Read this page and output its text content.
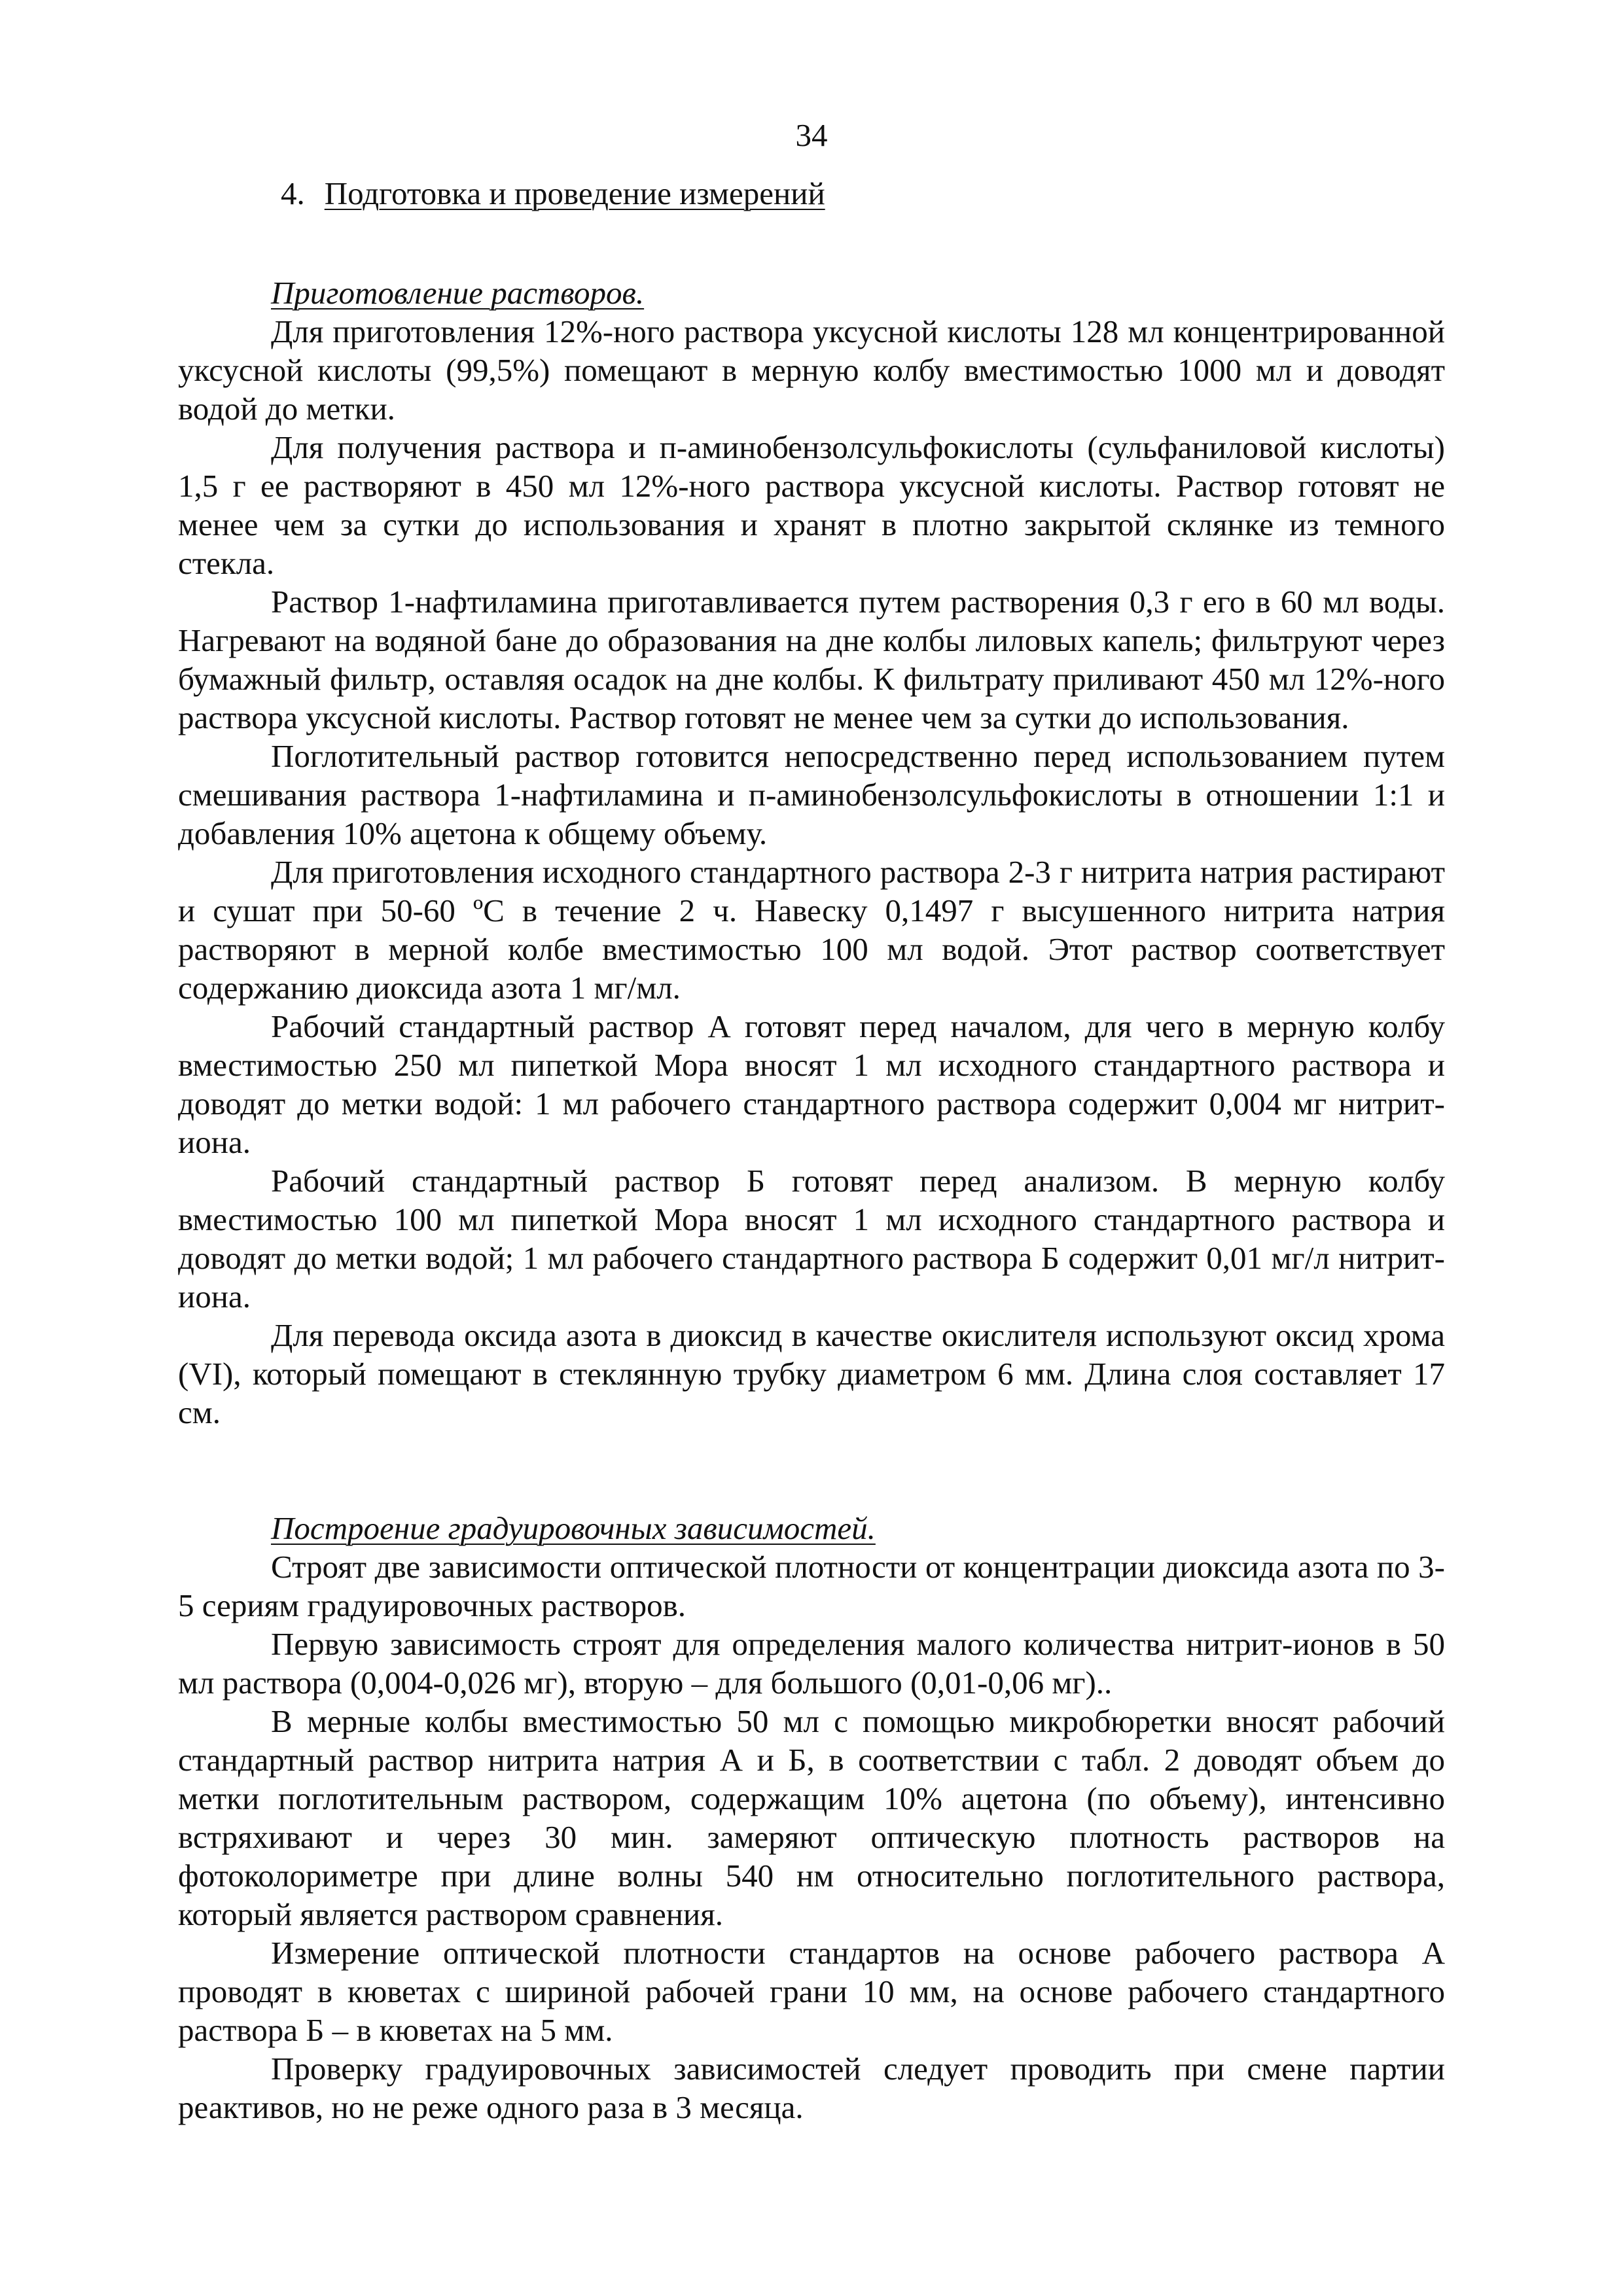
34
4. Подготовка и проведение измерений
Приготовление растворов.

Для приготовления 12%-ного раствора уксусной кислоты 128 мл концентрированной уксусной кислоты (99,5%) помещают в мерную колбу вместимостью 1000 мл и доводят водой до метки.

Для получения раствора и п-аминобензолсульфокислоты (сульфаниловой кислоты) 1,5 г ее растворяют в 450 мл 12%-ного раствора уксусной кислоты. Раствор готовят не менее чем за сутки до использования и хранят в плотно закрытой склянке из темного стекла.

Раствор 1-нафтиламина приготавливается путем растворения 0,3 г его в 60 мл воды. Нагревают на водяной бане до образования на дне колбы лиловых капель; фильтруют через бумажный фильтр, оставляя осадок на дне колбы. К фильтрату приливают 450 мл 12%-ного раствора уксусной кислоты. Раствор готовят не менее чем за сутки до использования.

Поглотительный раствор готовится непосредственно перед использованием путем смешивания раствора 1-нафтиламина и п-аминобензолсульфокислоты в отношении 1:1 и добавления 10% ацетона к общему объему.

Для приготовления исходного стандартного раствора 2-3 г нитрита натрия растирают и сушат при 50-60 ºС в течение 2 ч. Навеску 0,1497 г высушенного нитрита натрия растворяют в мерной колбе вместимостью 100 мл водой. Этот раствор соответствует содержанию диоксида азота 1 мг/мл.

Рабочий стандартный раствор А готовят перед началом, для чего в мерную колбу вместимостью 250 мл пипеткой Мора вносят 1 мл исходного стандартного раствора и доводят до метки водой: 1 мл рабочего стандартного раствора содержит 0,004 мг нитрит-иона.

Рабочий стандартный раствор Б готовят перед анализом. В мерную колбу вместимостью 100 мл пипеткой Мора вносят 1 мл исходного стандартного раствора и доводят до метки водой; 1 мл рабочего стандартного раствора Б содержит 0,01 мг/л нитрит-иона.

Для перевода оксида азота в диоксид в качестве окислителя используют оксид хрома (VI), который помещают в стеклянную трубку диаметром 6 мм. Длина слоя составляет 17 см.

Построение градуировочных зависимостей.

Строят две зависимости оптической плотности от концентрации диоксида азота по 3-5 сериям градуировочных растворов.

Первую зависимость строят для определения малого количества нитрит-ионов в 50 мл раствора (0,004-0,026 мг), вторую – для большого (0,01-0,06 мг)..

В мерные колбы вместимостью 50 мл с помощью микробюретки вносят рабочий стандартный раствор нитрита натрия А и Б, в соответствии с табл. 2 доводят объем до метки поглотительным раствором, содержащим 10% ацетона (по объему), интенсивно встряхивают и через 30 мин. замеряют оптическую плотность растворов на фотоколориметре при длине волны 540 нм относительно поглотительного раствора, который является раствором сравнения.

Измерение оптической плотности стандартов на основе рабочего раствора А проводят в кюветах с шириной рабочей грани 10 мм, на основе рабочего стандартного раствора Б – в кюветах на 5 мм.

Проверку градуировочных зависимостей следует проводить при смене партии реактивов, но не реже одного раза в 3 месяца.
